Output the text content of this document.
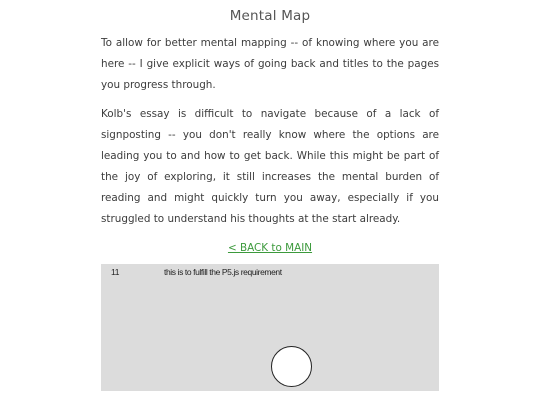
Mental Map

To allow for better mental mapping -- of knowing where you are here -- I give explicit ways of going back and titles to the pages you progress through.

Kolb's essay is difficult to navigate because of a lack of signposting -- you don't really know where the options are leading you to and how to get back. While this might be part of the joy of exploring, it still increases the mental burden of reading and might quickly turn you away, especially if you struggled to understand his thoughts at the start already.

< BACK to MAIN
11	this is to fulfill the P5.js requirement
